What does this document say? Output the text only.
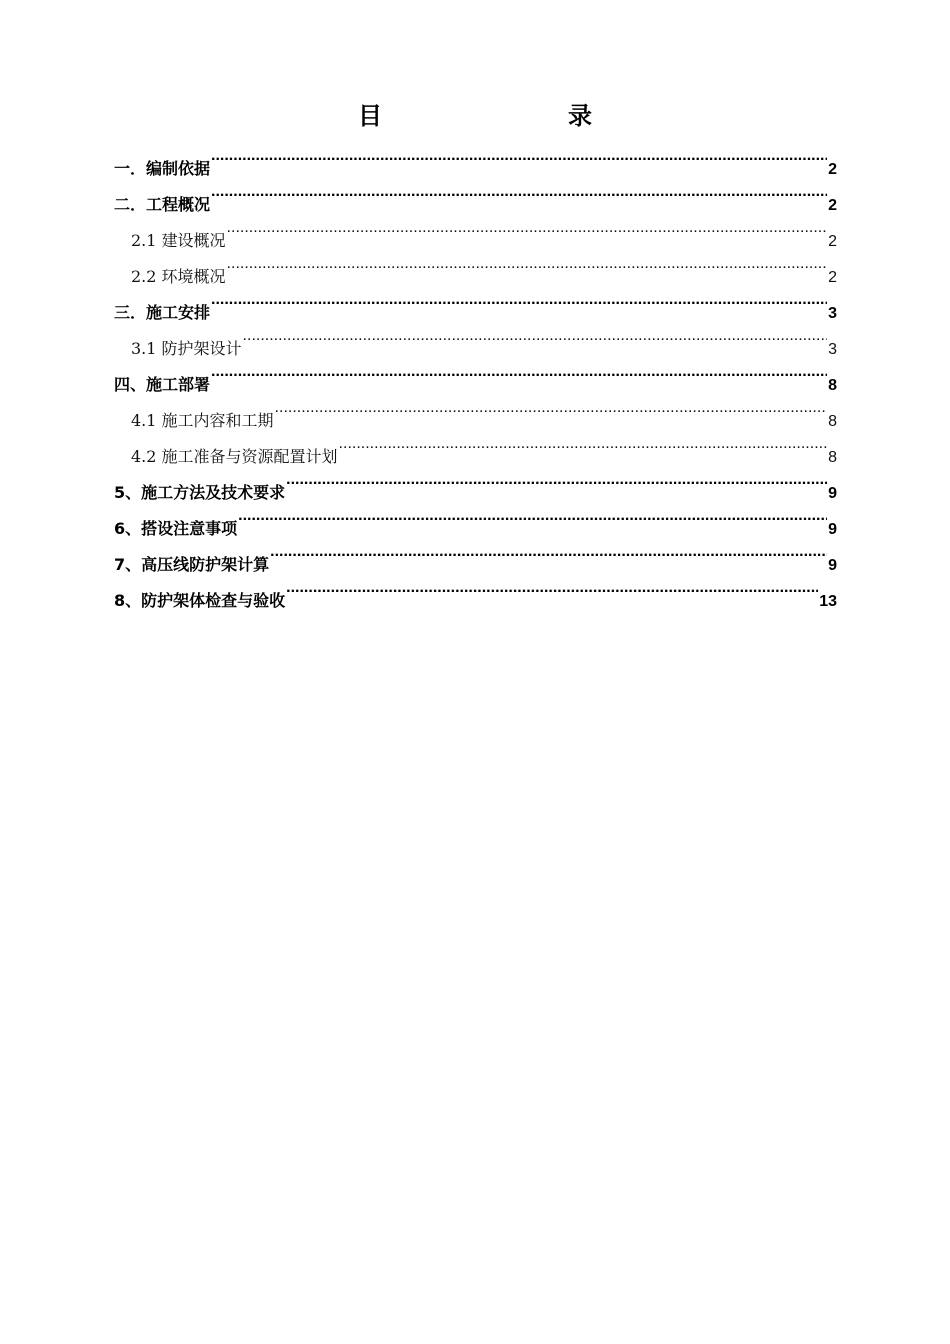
目　　录
一．编制依据 .....	2
二．工程概况 .....	2
2.1 建设概况 .....	2
2.2 环境概况 .....	2
三．施工安排 .....	3
3.1 防护架设计 .....	3
四、施工部署 .....	8
4.1 施工内容和工期 .....	8
4.2 施工准备与资源配置计划 .....	8
5、施工方法及技术要求 .....	9
6、搭设注意事项 .....	9
7、高压线防护架计算 .....	9
8、防护架体检查与验收 .....	13
